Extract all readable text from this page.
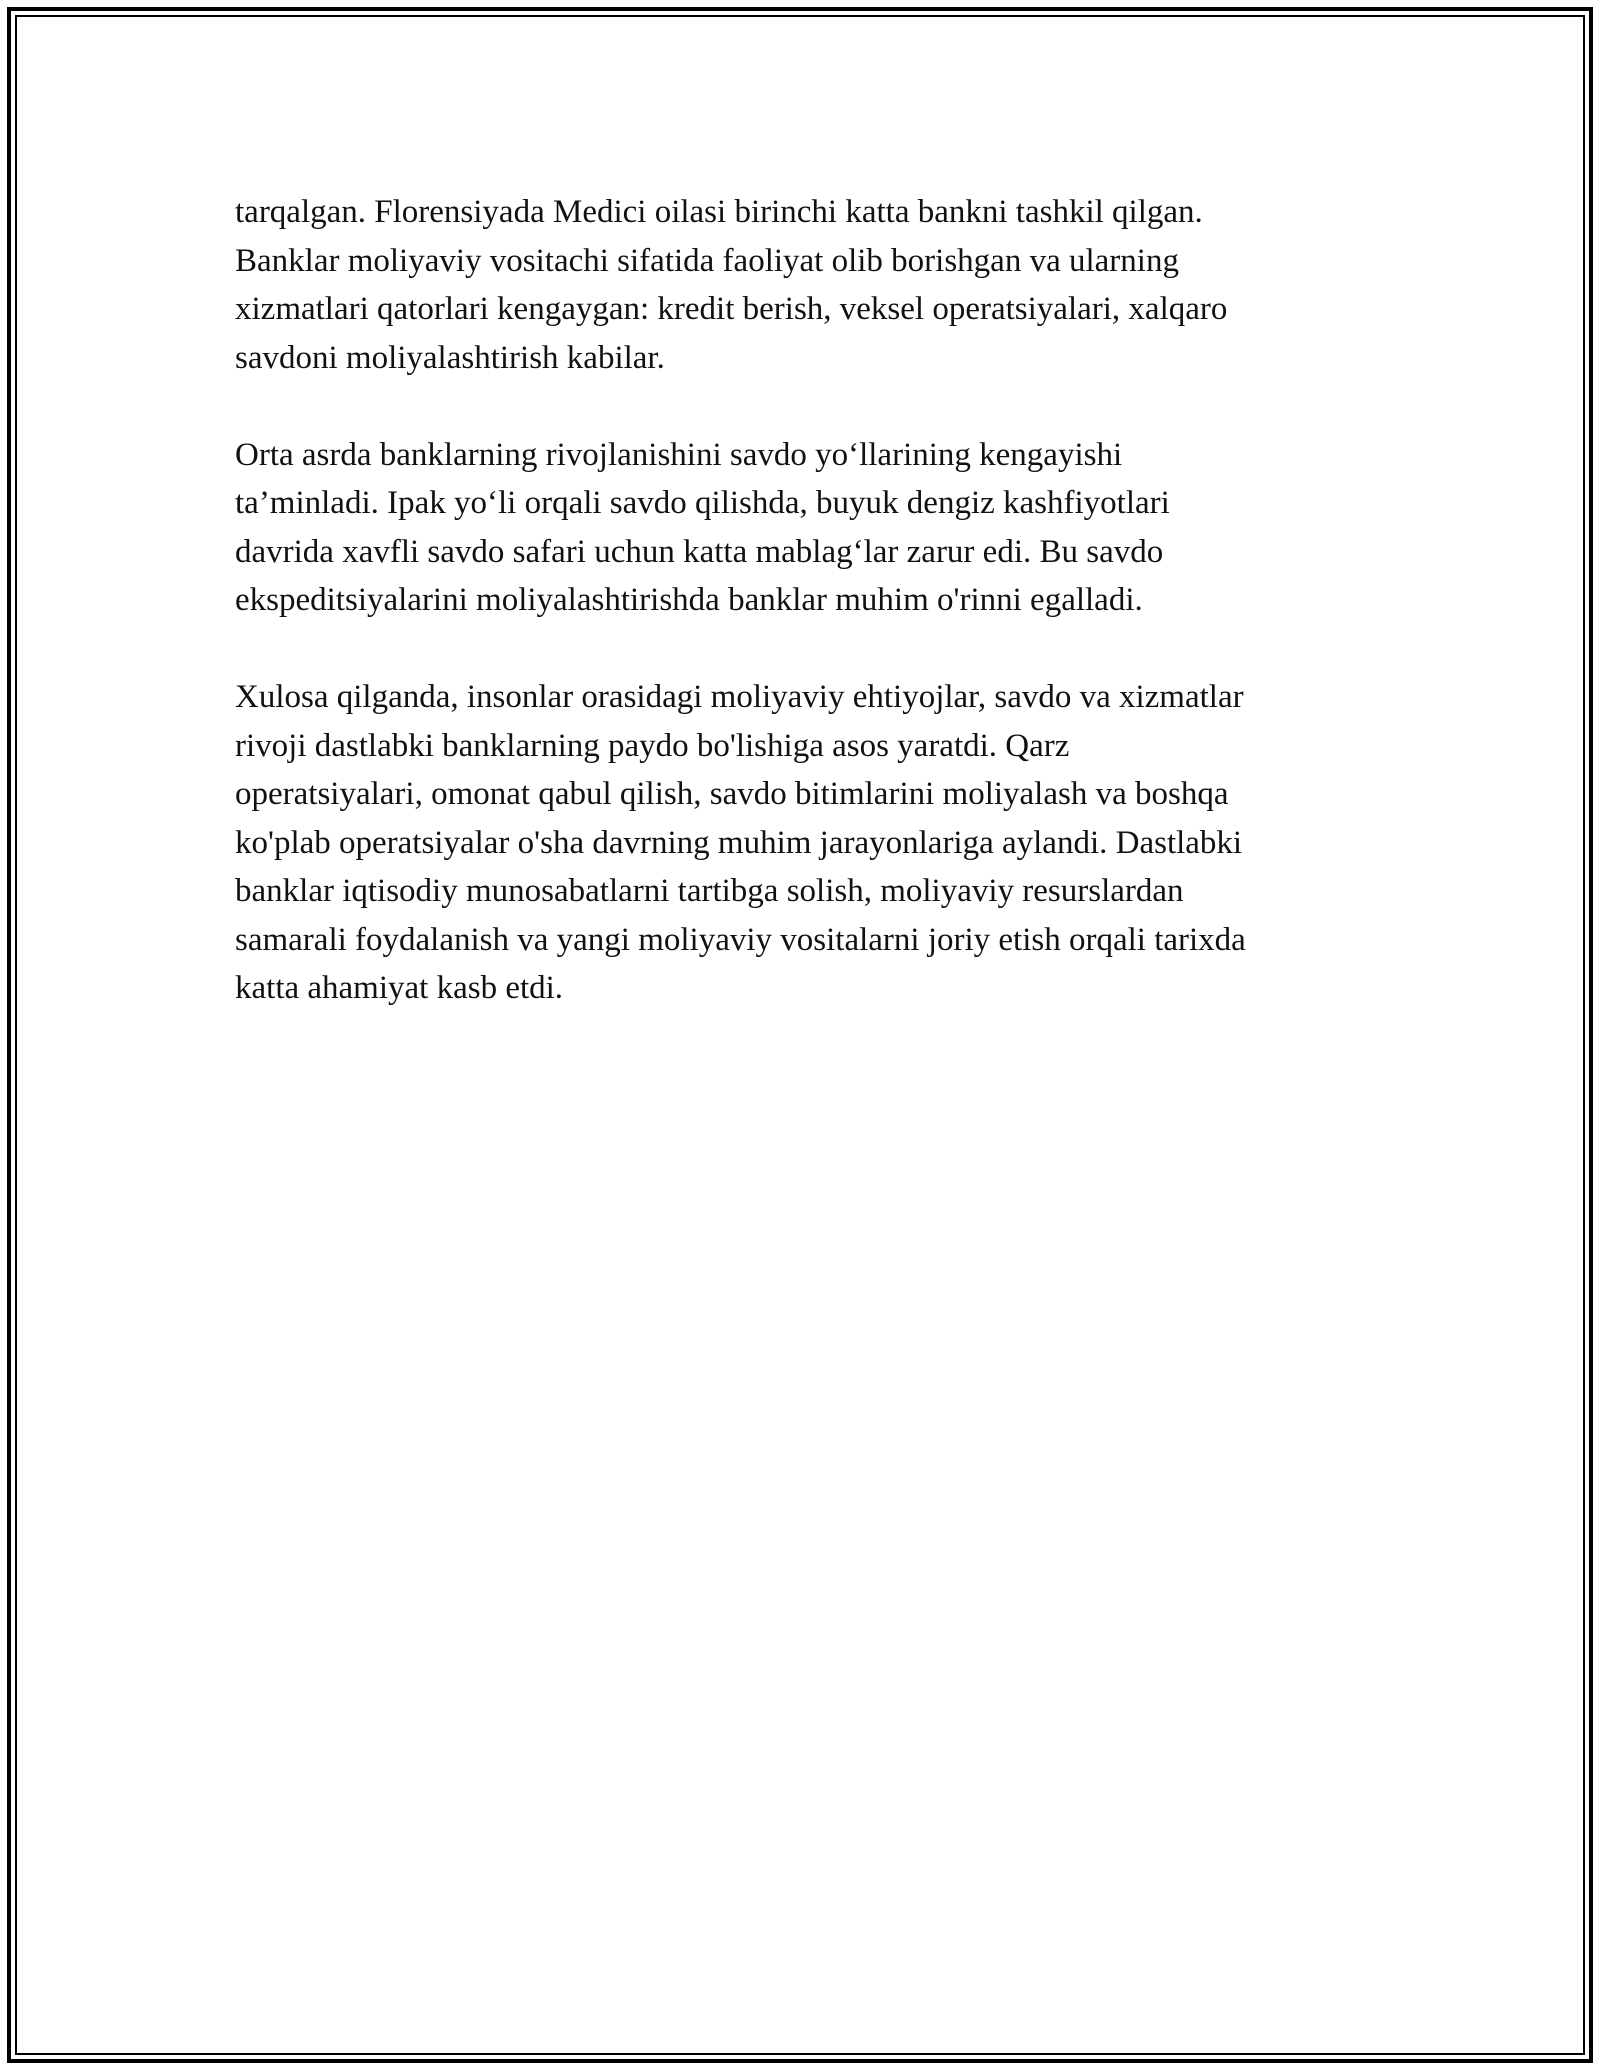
tarqalgan. Florensiyada Medici oilasi birinchi katta bankni tashkil qilgan.
Banklar moliyaviy vositachi sifatida faoliyat olib borishgan va ularning
xizmatlari qatorlari kengaygan: kredit berish, veksel operatsiyalari, xalqaro
savdoni moliyalashtirish kabilar.

Orta asrda banklarning rivojlanishini savdo yo‘llarining kengayishi
ta’minladi. Ipak yo‘li orqali savdo qilishda, buyuk dengiz kashfiyotlari
davrida xavfli savdo safari uchun katta mablag‘lar zarur edi. Bu savdo
ekspeditsiyalarini moliyalashtirishda banklar muhim o'rinni egalladi.

Xulosa qilganda, insonlar orasidagi moliyaviy ehtiyojlar, savdo va xizmatlar
rivoji dastlabki banklarning paydo bo'lishiga asos yaratdi. Qarz
operatsiyalari, omonat qabul qilish, savdo bitimlarini moliyalash va boshqa
ko'plab operatsiyalar o'sha davrning muhim jarayonlariga aylandi. Dastlabki
banklar iqtisodiy munosabatlarni tartibga solish, moliyaviy resurslardan
samarali foydalanish va yangi moliyaviy vositalarni joriy etish orqali tarixda
katta ahamiyat kasb etdi.
